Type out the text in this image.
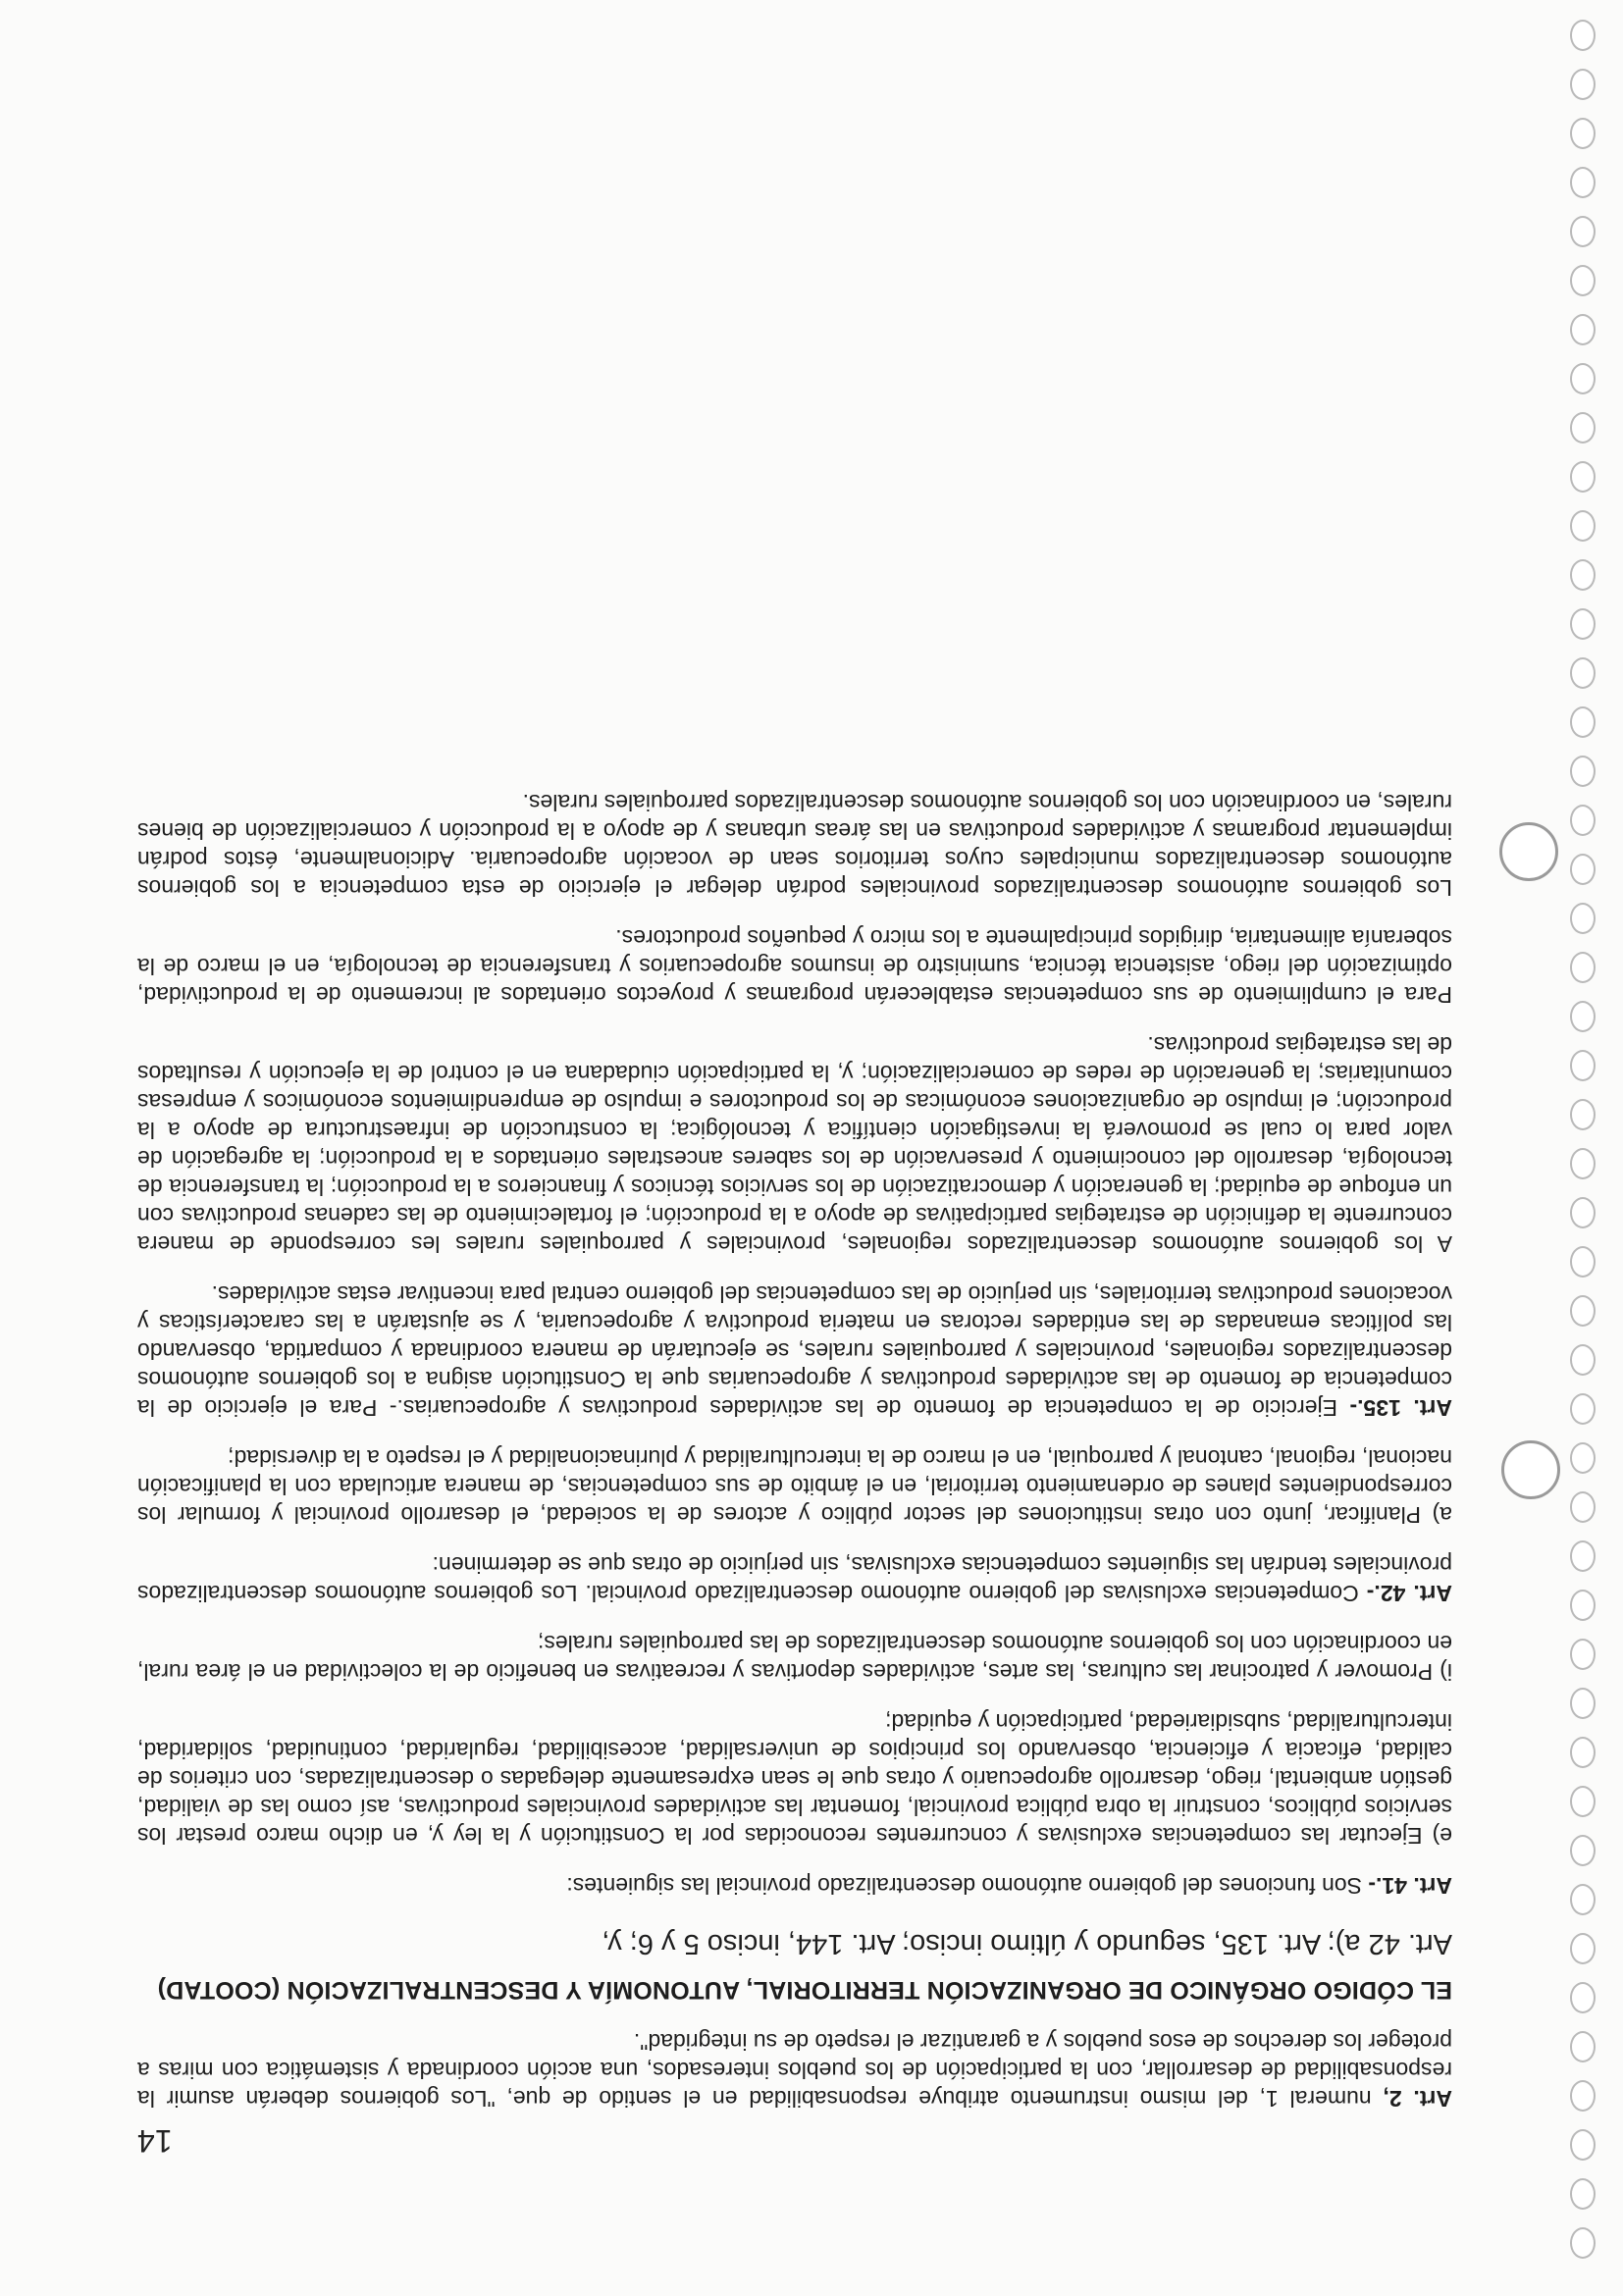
14

Art. 2, numeral 1, del mismo instrumento atribuye responsabilidad en el sentido de que, "Los gobiernos deberán asumir la responsabilidad de desarrollar, con la participación de los pueblos interesados, una acción coordinada y sistemática con miras a proteger los derechos de esos pueblos y a garantizar el respeto de su integridad".

EL CÓDIGO ORGÁNICO DE ORGANIZACIÓN TERRITORIAL, AUTONOMÍA Y DESCENTRALIZACIÓN (COOTAD)
Art. 42 a); Art. 135, segundo y último inciso; Art. 144, inciso 5 y 6; y,

Art. 41.- Son funciones del gobierno autónomo descentralizado provincial las siguientes:

e) Ejecutar las competencias exclusivas y concurrentes reconocidas por la Constitución y la ley y, en dicho marco prestar los servicios públicos, construir la obra pública provincial, fomentar las actividades provinciales productivas, así como las de vialidad, gestión ambiental, riego, desarrollo agropecuario y otras que le sean expresamente delegadas o descentralizadas, con criterios de calidad, eficacia y eficiencia, observando los principios de universalidad, accesibilidad, regularidad, continuidad, solidaridad, interculturalidad, subsidiariedad, participación y equidad;

i) Promover y patrocinar las culturas, las artes, actividades deportivas y recreativas en beneficio de la colectividad en el área rural, en coordinación con los gobiernos autónomos descentralizados de las parroquiales rurales;

Art. 42.- Competencias exclusivas del gobierno autónomo descentralizado provincial. Los gobiernos autónomos descentralizados provinciales tendrán las siguientes competencias exclusivas, sin perjuicio de otras que se determinen:

a) Planificar, junto con otras instituciones del sector público y actores de la sociedad, el desarrollo provincial y formular los correspondientes planes de ordenamiento territorial, en el ámbito de sus competencias, de manera articulada con la planificación nacional, regional, cantonal y parroquial, en el marco de la interculturalidad y plurinacionalidad y el respeto a la diversidad;

Art. 135.- Ejercicio de la competencia de fomento de las actividades productivas y agropecuarias.- Para el ejercicio de la competencia de fomento de las actividades productivas y agropecuarias que la Constitución asigna a los gobiernos autónomos descentralizados regionales, provinciales y parroquiales rurales, se ejecutarán de manera coordinada y compartida, observando las políticas emanadas de las entidades rectoras en materia productiva y agropecuaria, y se ajustarán a las características y vocaciones productivas territoriales, sin perjuicio de las competencias del gobierno central para incentivar estas actividades.

A los gobiernos autónomos descentralizados regionales, provinciales y parroquiales rurales les corresponde de manera concurrente la definición de estrategias participativas de apoyo a la producción; el fortalecimiento de las cadenas productivas con un enfoque de equidad; la generación y democratización de los servicios técnicos y financieros a la producción; la transferencia de tecnología, desarrollo del conocimiento y preservación de los saberes ancestrales orientados a la producción; la agregación de valor para lo cual se promoverá la investigación científica y tecnológica; la construcción de infraestructura de apoyo a la producción; el impulso de organizaciones económicas de los productores e impulso de emprendimientos económicos y empresas comunitarias; la generación de redes de comercialización; y, la participación ciudadana en el control de la ejecución y resultados de las estrategias productivas.

Para el cumplimiento de sus competencias establecerán programas y proyectos orientados al incremento de la productividad, optimización del riego, asistencia técnica, suministro de insumos agropecuarios y transferencia de tecnología, en el marco de la soberanía alimentaria, dirigidos principalmente a los micro y pequeños productores.

Los gobiernos autónomos descentralizados provinciales podrán delegar el ejercicio de esta competencia a los gobiernos autónomos descentralizados municipales cuyos territorios sean de vocación agropecuaria. Adicionalmente, éstos podrán implementar programas y actividades productivas en las áreas urbanas y de apoyo a la producción y comercialización de bienes rurales, en coordinación con los gobiernos autónomos descentralizados parroquiales rurales.
